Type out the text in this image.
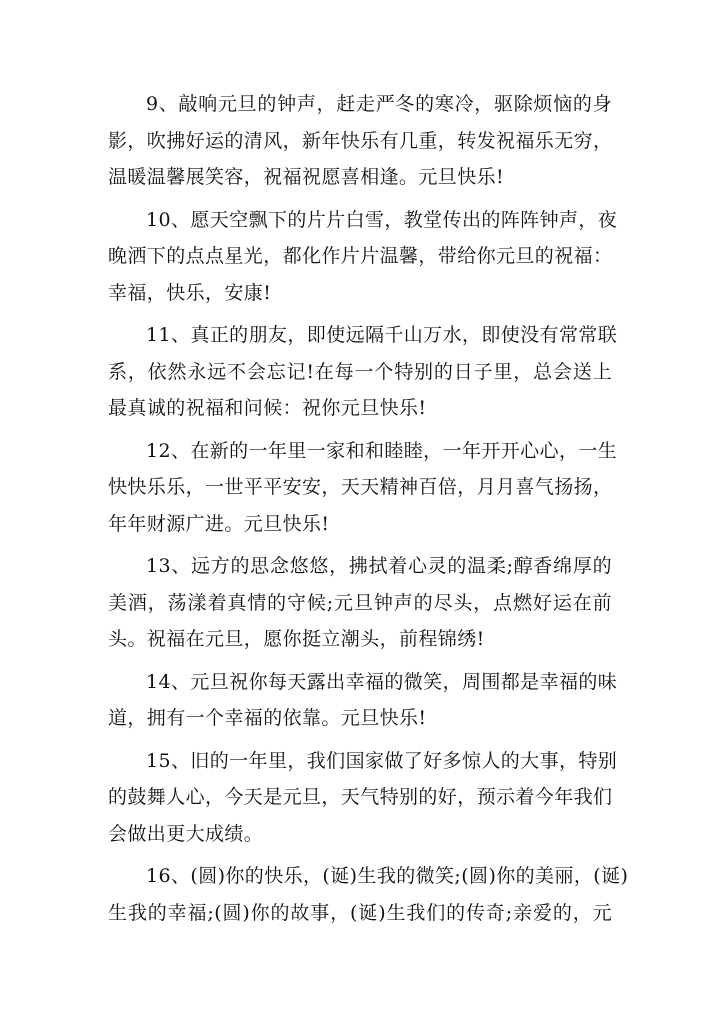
9、敲响元旦的钟声，赶走严冬的寒冷，驱除烦恼的身
影，吹拂好运的清风，新年快乐有几重，转发祝福乐无穷，
温暖温馨展笑容，祝福祝愿喜相逢。元旦快乐!
10、愿天空飘下的片片白雪，教堂传出的阵阵钟声，夜
晚洒下的点点星光，都化作片片温馨，带给你元旦的祝福：
幸福，快乐，安康!
11、真正的朋友，即使远隔千山万水，即使没有常常联
系，依然永远不会忘记!在每一个特别的日子里，总会送上
最真诚的祝福和问候：祝你元旦快乐!
12、在新的一年里一家和和睦睦，一年开开心心，一生
快快乐乐，一世平平安安，天天精神百倍，月月喜气扬扬，
年年财源广进。元旦快乐!
13、远方的思念悠悠，拂拭着心灵的温柔;醇香绵厚的
美酒，荡漾着真情的守候;元旦钟声的尽头，点燃好运在前
头。祝福在元旦，愿你挺立潮头，前程锦绣!
14、元旦祝你每天露出幸福的微笑，周围都是幸福的味
道，拥有一个幸福的依靠。元旦快乐!
15、旧的一年里，我们国家做了好多惊人的大事，特别
的鼓舞人心，今天是元旦，天气特别的好，预示着今年我们
会做出更大成绩。
16、(圆)你的快乐，(诞)生我的微笑;(圆)你的美丽，(诞)
生我的幸福;(圆)你的故事，(诞)生我们的传奇;亲爱的，元
